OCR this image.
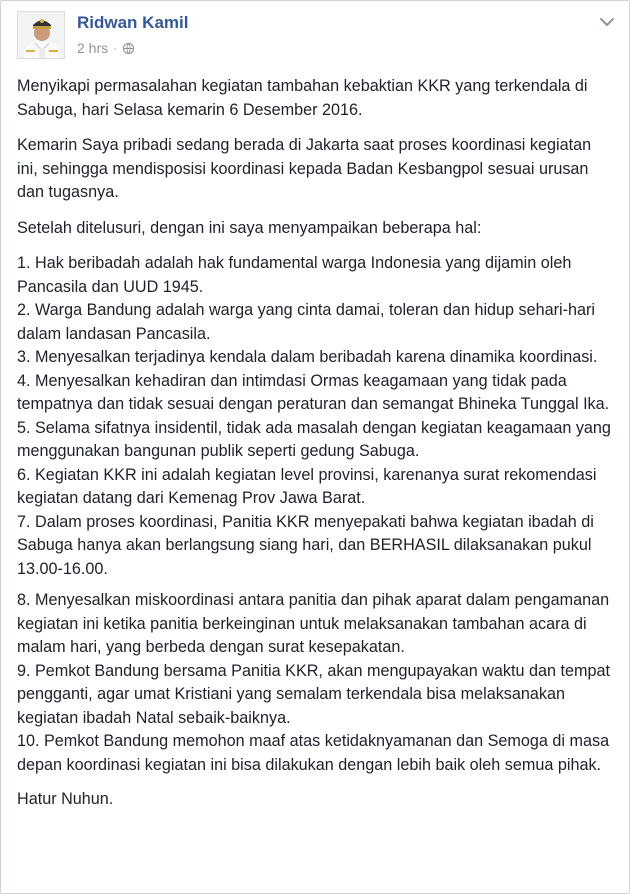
Ridwan Kamil
2 hrs ·

Menyikapi permasalahan kegiatan tambahan kebaktian KKR yang terkendala di Sabuga, hari Selasa kemarin 6 Desember 2016.

Kemarin Saya pribadi sedang berada di Jakarta saat proses koordinasi kegiatan ini, sehingga mendisposisi koordinasi kepada Badan Kesbangpol sesuai urusan dan tugasnya.

Setelah ditelusuri, dengan ini saya menyampaikan beberapa hal:

1. Hak beribadah adalah hak fundamental warga Indonesia yang dijamin oleh Pancasila dan UUD 1945.

2. Warga Bandung adalah warga yang cinta damai, toleran dan hidup sehari-hari dalam landasan Pancasila.

3. Menyesalkan terjadinya kendala dalam beribadah karena dinamika koordinasi.

4. Menyesalkan kehadiran dan intimdasi Ormas keagamaan yang tidak pada tempatnya dan tidak sesuai dengan peraturan dan semangat Bhineka Tunggal Ika.

5. Selama sifatnya insidentil, tidak ada masalah dengan kegiatan keagamaan yang menggunakan bangunan publik seperti gedung Sabuga.

6. Kegiatan KKR ini adalah kegiatan level provinsi, karenanya surat rekomendasi kegiatan datang dari Kemenag Prov Jawa Barat.

7. Dalam proses koordinasi, Panitia KKR menyepakati bahwa kegiatan ibadah di Sabuga hanya akan berlangsung siang hari, dan BERHASIL dilaksanakan pukul 13.00-16.00.

8. Menyesalkan miskoordinasi antara panitia dan pihak aparat dalam pengamanan kegiatan ini ketika panitia berkeinginan untuk melaksanakan tambahan acara di malam hari, yang berbeda dengan surat kesepakatan.

9. Pemkot Bandung bersama Panitia KKR, akan mengupayakan waktu dan tempat pengganti, agar umat Kristiani yang semalam terkendala bisa melaksanakan kegiatan ibadah Natal sebaik-baiknya.

10. Pemkot Bandung memohon maaf atas ketidaknyamanan dan Semoga di masa depan koordinasi kegiatan ini bisa dilakukan dengan lebih baik oleh semua pihak.

Hatur Nuhun.
